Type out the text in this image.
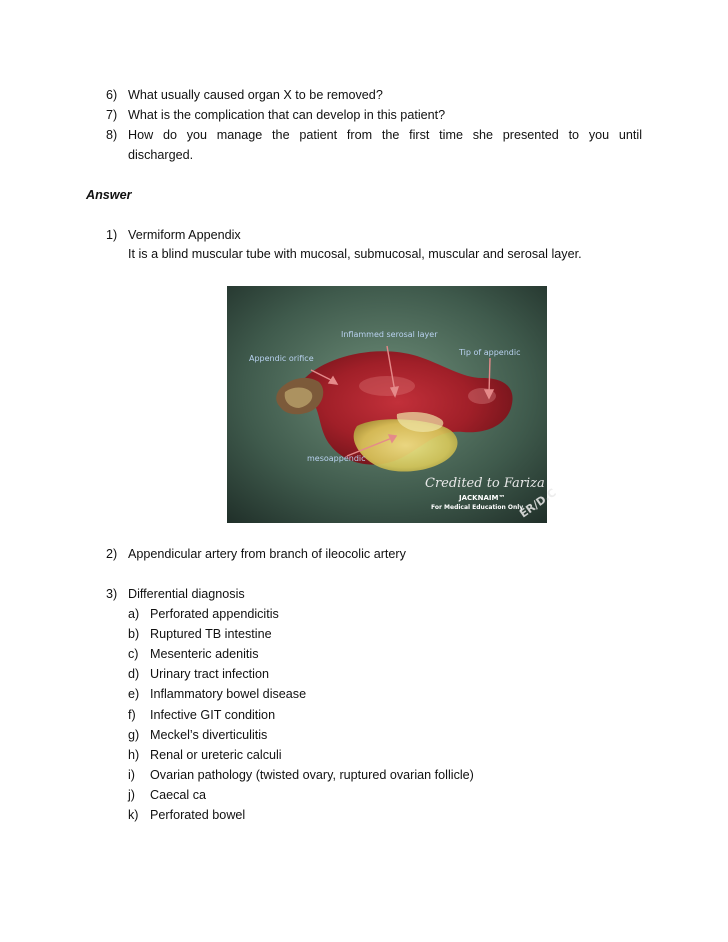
6) What usually caused organ X to be removed?
7) What is the complication that can develop in this patient?
8) How do you manage the patient from the first time she presented to you until
discharged.
Answer
1) Vermiform Appendix
It is a blind muscular tube with mucosal, submucosal, muscular and serosal layer.
ER/D.C
Inflammed serosal layer
Tip of appendic
Appendic orifice
mesoappendic
Credited to Fariza
JACKNAIM™
For Medical Education Only
2) Appendicular artery from branch of ileocolic artery
3) Differential diagnosis
a) Perforated appendicitis
b) Ruptured TB intestine
c) Mesenteric adenitis
d) Urinary tract infection
e) Inflammatory bowel disease
f)	Infective GIT condition
g) Meckel’s diverticulitis
h) Renal or ureteric calculi
i)	Ovarian pathology (twisted ovary, ruptured ovarian follicle)
j)	Caecal ca
k) Perforated bowel
